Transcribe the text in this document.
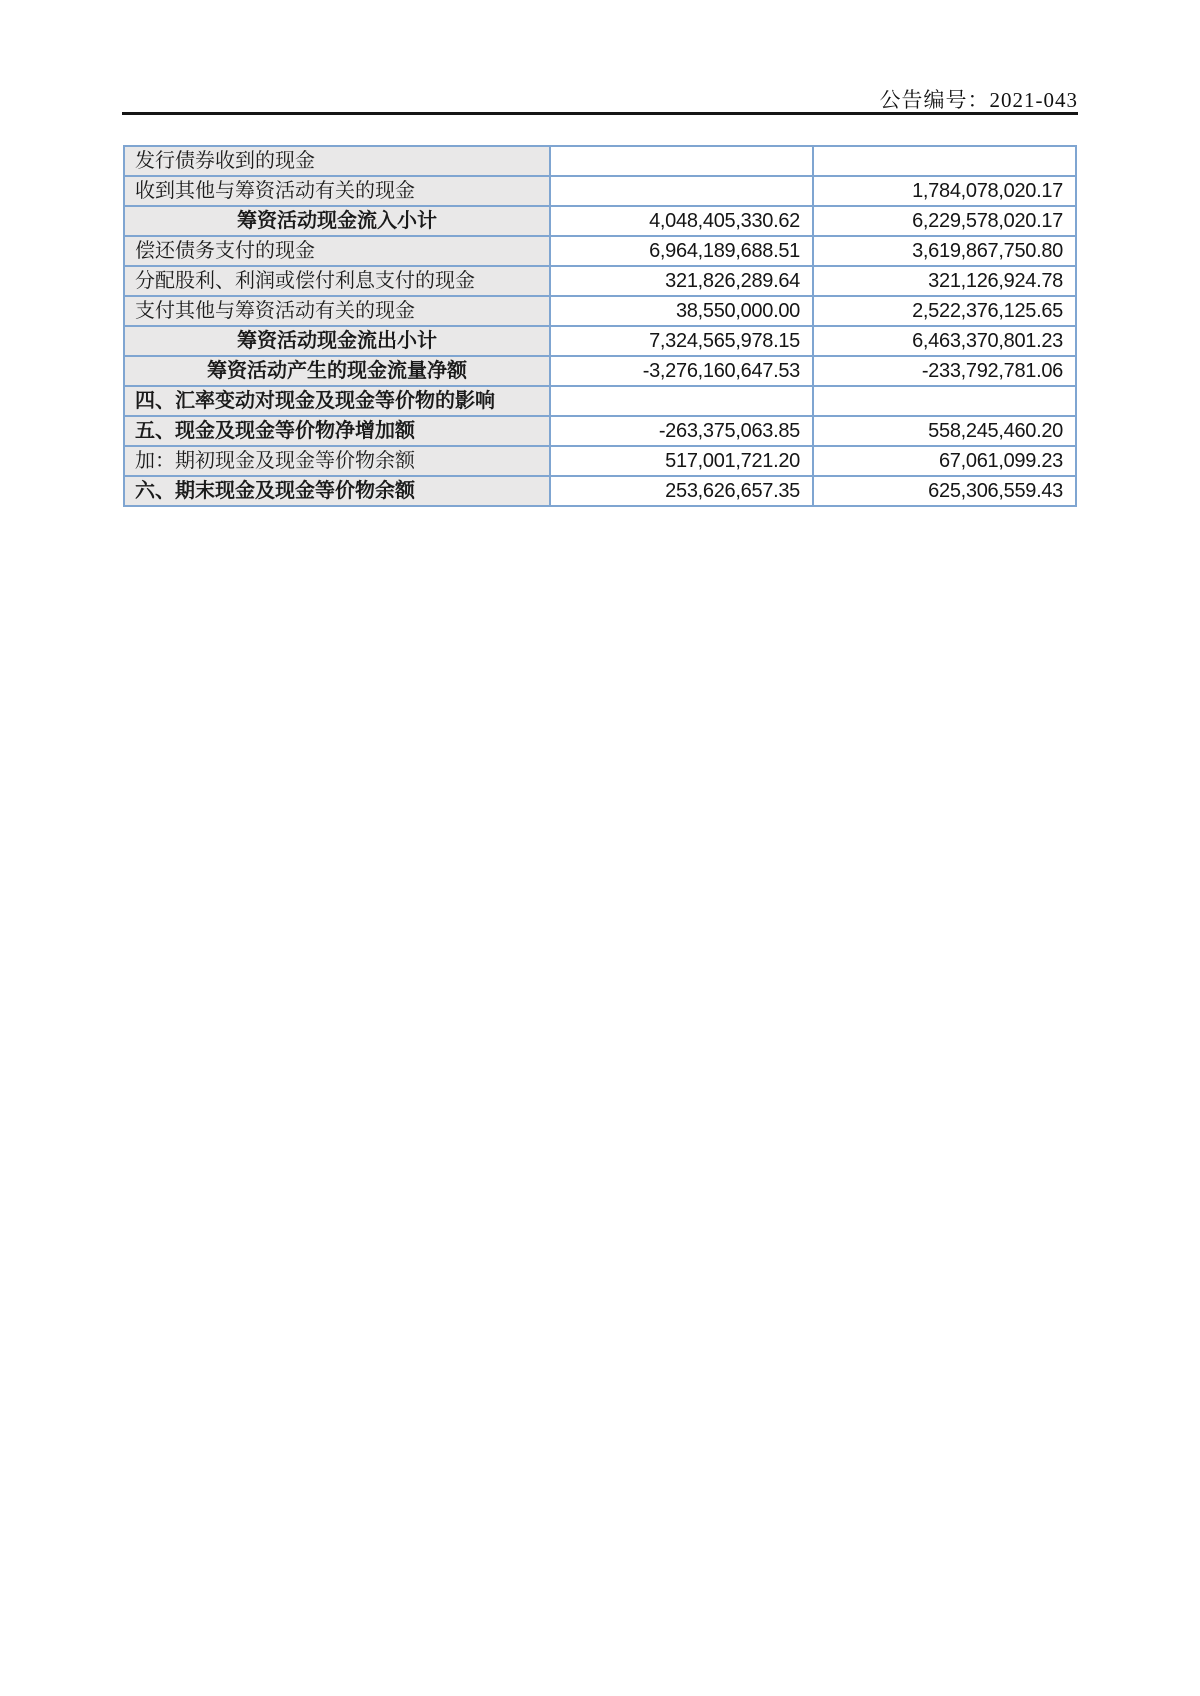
公告编号：2021-043
发行债券收到的现金		
收到其他与筹资活动有关的现金		1,784,078,020.17
筹资活动现金流入小计	4,048,405,330.62	6,229,578,020.17
偿还债务支付的现金	6,964,189,688.51	3,619,867,750.80
分配股利、利润或偿付利息支付的现金	321,826,289.64	321,126,924.78
支付其他与筹资活动有关的现金	38,550,000.00	2,522,376,125.65
筹资活动现金流出小计	7,324,565,978.15	6,463,370,801.23
筹资活动产生的现金流量净额	-3,276,160,647.53	-233,792,781.06
四、汇率变动对现金及现金等价物的影响		
五、现金及现金等价物净增加额	-263,375,063.85	558,245,460.20
加：期初现金及现金等价物余额	517,001,721.20	67,061,099.23
六、期末现金及现金等价物余额	253,626,657.35	625,306,559.43
